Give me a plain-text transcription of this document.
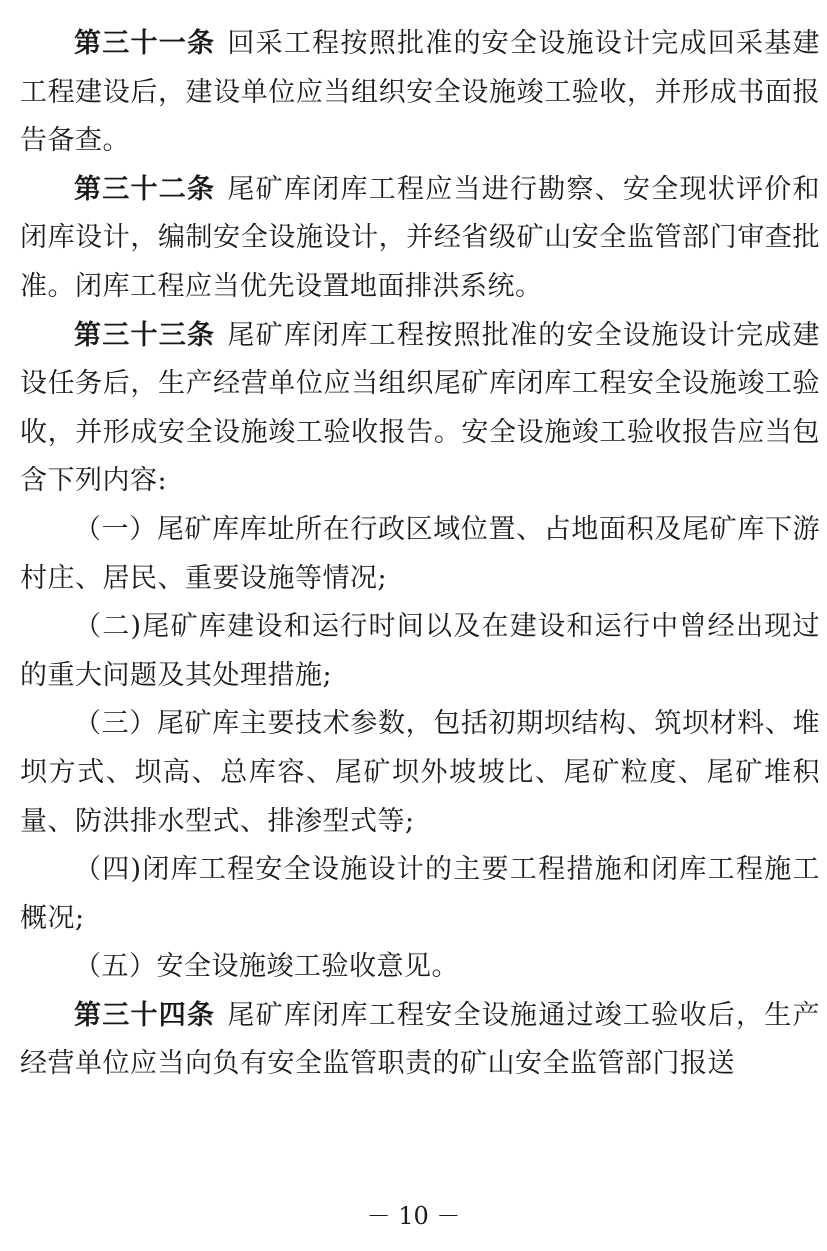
第三十一条 回采工程按照批准的安全设施设计完成回采基建工程建设后，建设单位应当组织安全设施竣工验收，并形成书面报告备查。

第三十二条 尾矿库闭库工程应当进行勘察、安全现状评价和闭库设计，编制安全设施设计，并经省级矿山安全监管部门审查批准。闭库工程应当优先设置地面排洪系统。

第三十三条 尾矿库闭库工程按照批准的安全设施设计完成建设任务后，生产经营单位应当组织尾矿库闭库工程安全设施竣工验收，并形成安全设施竣工验收报告。安全设施竣工验收报告应当包含下列内容:

（一）尾矿库库址所在行政区域位置、占地面积及尾矿库下游村庄、居民、重要设施等情况;

（二)尾矿库建设和运行时间以及在建设和运行中曾经出现过的重大问题及其处理措施;

（三）尾矿库主要技术参数，包括初期坝结构、筑坝材料、堆坝方式、坝高、总库容、尾矿坝外坡坡比、尾矿粒度、尾矿堆积量、防洪排水型式、排渗型式等;

（四)闭库工程安全设施设计的主要工程措施和闭库工程施工概况;

（五）安全设施竣工验收意见。

第三十四条 尾矿库闭库工程安全设施通过竣工验收后，生产经营单位应当向负有安全监管职责的矿山安全监管部门报送

－ 10 －
